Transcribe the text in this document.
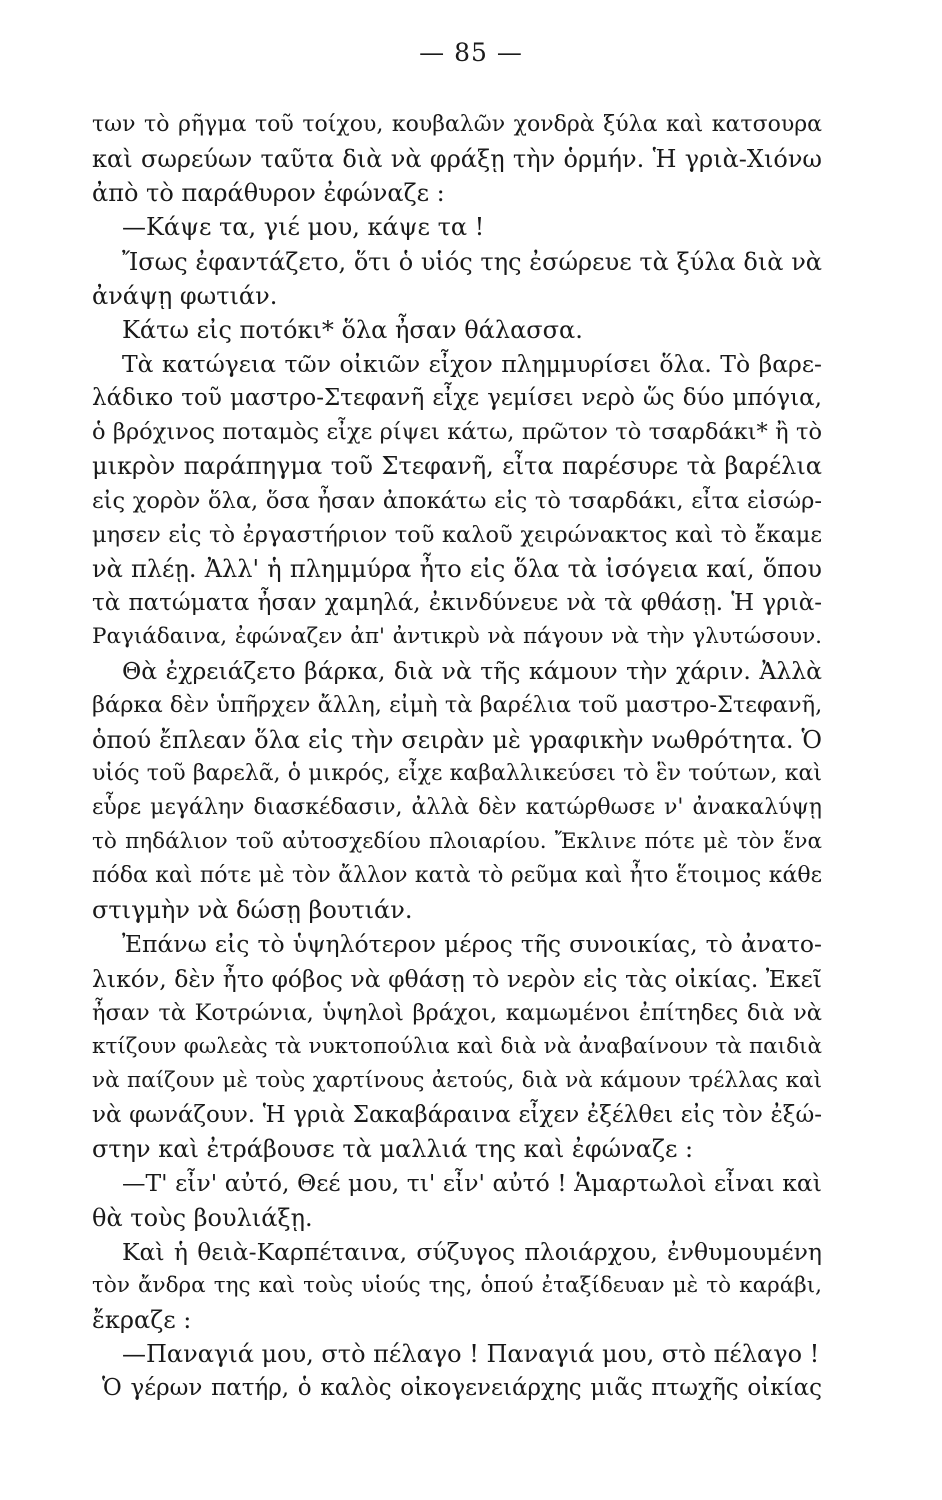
— 85 —
των τὸ ρῆγμα τοῦ τοίχου, κουβαλῶν χονδρὰ ξύλα καὶ κατσουρα
καὶ σωρεύων ταῦτα διὰ νὰ φράξῃ τὴν ὁρμήν. Ἡ γριὰ-Χιόνω
ἀπὸ τὸ παράθυρον ἐφώναζε :
—Κάψε τα, γιέ μου, κάψε τα !
Ἴσως ἐφαντάζετο, ὅτι ὁ υἱός της ἐσώρευε τὰ ξύλα διὰ νὰ
ἀνάψῃ φωτιάν.
Κάτω εἰς ποτόκι* ὅλα ἦσαν θάλασσα.
Τὰ κατώγεια τῶν οἰκιῶν εἶχον πλημμυρίσει ὅλα. Τὸ βαρε-
λάδικο τοῦ μαστρο-Στεφανῆ εἶχε γεμίσει νερὸ ὥς δύο μπόγια,
ὁ βρόχινος ποταμὸς εἶχε ρίψει κάτω, πρῶτον τὸ τσαρδάκι* ἢ τὸ
μικρὸν παράπηγμα τοῦ Στεφανῆ, εἶτα παρέσυρε τὰ βαρέλια
εἰς χορὸν ὅλα, ὅσα ἦσαν ἀποκάτω εἰς τὸ τσαρδάκι, εἶτα εἰσώρ-
μησεν εἰς τὸ ἐργαστήριον τοῦ καλοῦ χειρώνακτος καὶ τὸ ἔκαμε
νὰ πλέῃ. Ἀλλ' ἡ πλημμύρα ἦτο εἰς ὅλα τὰ ἰσόγεια καί, ὅπου
τὰ πατώματα ἦσαν χαμηλά, ἐκινδύνευε νὰ τὰ φθάσῃ. Ἡ γριὰ-
Ραγιάδαινα, ἐφώναζεν ἀπ' ἀντικρὺ νὰ πάγουν νὰ τὴν γλυτώσουν.
Θὰ ἐχρειάζετο βάρκα, διὰ νὰ τῆς κάμουν τὴν χάριν. Ἀλλὰ
βάρκα δὲν ὑπῆρχεν ἄλλη, εἰμὴ τὰ βαρέλια τοῦ μαστρο-Στεφανῆ,
ὁπού ἔπλεαν ὅλα εἰς τὴν σειρὰν μὲ γραφικὴν νωθρότητα. Ὁ
υἱός τοῦ βαρελᾶ, ὁ μικρός, εἶχε καβαλλικεύσει τὸ ἓν τούτων, καὶ
εὗρε μεγάλην διασκέδασιν, ἀλλὰ δὲν κατώρθωσε ν' ἀνακαλύψῃ
τὸ πηδάλιον τοῦ αὐτοσχεδίου πλοιαρίου. Ἔκλινε πότε μὲ τὸν ἕνα
πόδα καὶ πότε μὲ τὸν ἄλλον κατὰ τὸ ρεῦμα καὶ ἦτο ἕτοιμος κάθε
στιγμὴν νὰ δώσῃ βουτιάν.
Ἐπάνω εἰς τὸ ὑψηλότερον μέρος τῆς συνοικίας, τὸ ἀνατο-
λικόν, δὲν ἦτο φόβος νὰ φθάσῃ τὸ νερὸν εἰς τὰς οἰκίας. Ἐκεῖ
ἦσαν τὰ Κοτρώνια, ὑψηλοὶ βράχοι, καμωμένοι ἐπίτηδες διὰ νὰ
κτίζουν φωλεὰς τὰ νυκτοπούλια καὶ διὰ νὰ ἀναβαίνουν τὰ παιδιὰ
νὰ παίζουν μὲ τοὺς χαρτίνους ἀετούς, διὰ νὰ κάμουν τρέλλας καὶ
νὰ φωνάζουν. Ἡ γριὰ Σακαβάραινα εἶχεν ἐξέλθει εἰς τὸν ἐξώ-
στην καὶ ἐτράβουσε τὰ μαλλιά της καὶ ἐφώναζε :
—Τ' εἶν' αὐτό, Θεέ μου, τι' εἶν' αὐτό ! Ἁμαρτωλοὶ εἶναι καὶ
θὰ τοὺς βουλιάξῃ.
Καὶ ἡ θειὰ-Καρπέταινα, σύζυγος πλοιάρχου, ἐνθυμουμένη
τὸν ἄνδρα της καὶ τοὺς υἱούς της, ὁπού ἐταξίδευαν μὲ τὸ καράβι,
ἔκραζε :
—Παναγιά μου, στὸ πέλαγο ! Παναγιά μου, στὸ πέλαγο !
Ὁ γέρων πατήρ, ὁ καλὸς οἰκογενειάρχης μιᾶς πτωχῆς οἰκίας
